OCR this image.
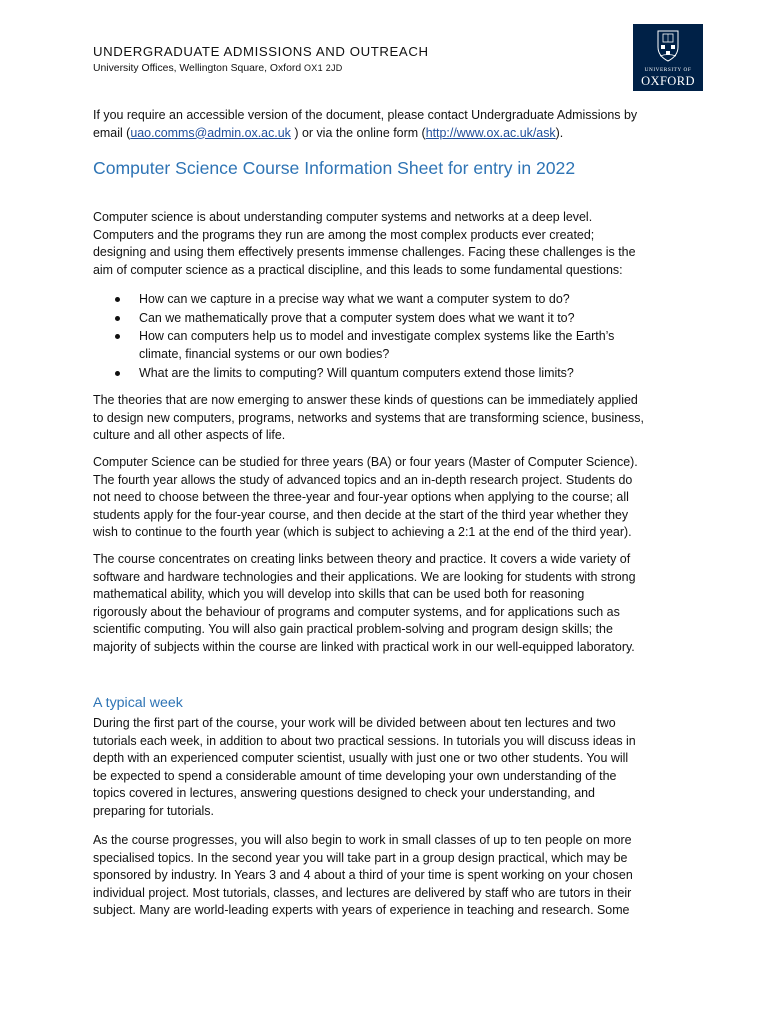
UNDERGRADUATE ADMISSIONS AND OUTREACH
University Offices, Wellington Square, Oxford OX1 2JD	UNIVERSITY OF
OXFORD
If you require an accessible version of the document, please contact Undergraduate Admissions by
email (uao.comms@admin.ox.ac.uk ) or via the online form (http://www.ox.ac.uk/ask).
Computer Science Course Information Sheet for entry in 2022
Computer science is about understanding computer systems and networks at a deep level.
Computers and the programs they run are among the most complex products ever created;
designing and using them effectively presents immense challenges. Facing these challenges is the
aim of computer science as a practical discipline, and this leads to some fundamental questions:
How can we capture in a precise way what we want a computer system to do?
Can we mathematically prove that a computer system does what we want it to?
How can computers help us to model and investigate complex systems like the Earth’s
climate, financial systems or our own bodies?
What are the limits to computing? Will quantum computers extend those limits?
The theories that are now emerging to answer these kinds of questions can be immediately applied
to design new computers, programs, networks and systems that are transforming science, business,
culture and all other aspects of life.
Computer Science can be studied for three years (BA) or four years (Master of Computer Science).
The fourth year allows the study of advanced topics and an in-depth research project. Students do
not need to choose between the three-year and four-year options when applying to the course; all
students apply for the four-year course, and then decide at the start of the third year whether they
wish to continue to the fourth year (which is subject to achieving a 2:1 at the end of the third year).
The course concentrates on creating links between theory and practice. It covers a wide variety of
software and hardware technologies and their applications. We are looking for students with strong
mathematical ability, which you will develop into skills that can be used both for reasoning
rigorously about the behaviour of programs and computer systems, and for applications such as
scientific computing. You will also gain practical problem-solving and program design skills; the
majority of subjects within the course are linked with practical work in our well-equipped laboratory.
A typical week
During the first part of the course, your work will be divided between about ten lectures and two
tutorials each week, in addition to about two practical sessions. In tutorials you will discuss ideas in
depth with an experienced computer scientist, usually with just one or two other students. You will
be expected to spend a considerable amount of time developing your own understanding of the
topics covered in lectures, answering questions designed to check your understanding, and
preparing for tutorials.
As the course progresses, you will also begin to work in small classes of up to ten people on more
specialised topics. In the second year you will take part in a group design practical, which may be
sponsored by industry. In Years 3 and 4 about a third of your time is spent working on your chosen
individual project. Most tutorials, classes, and lectures are delivered by staff who are tutors in their
subject. Many are world-leading experts with years of experience in teaching and research. Some
